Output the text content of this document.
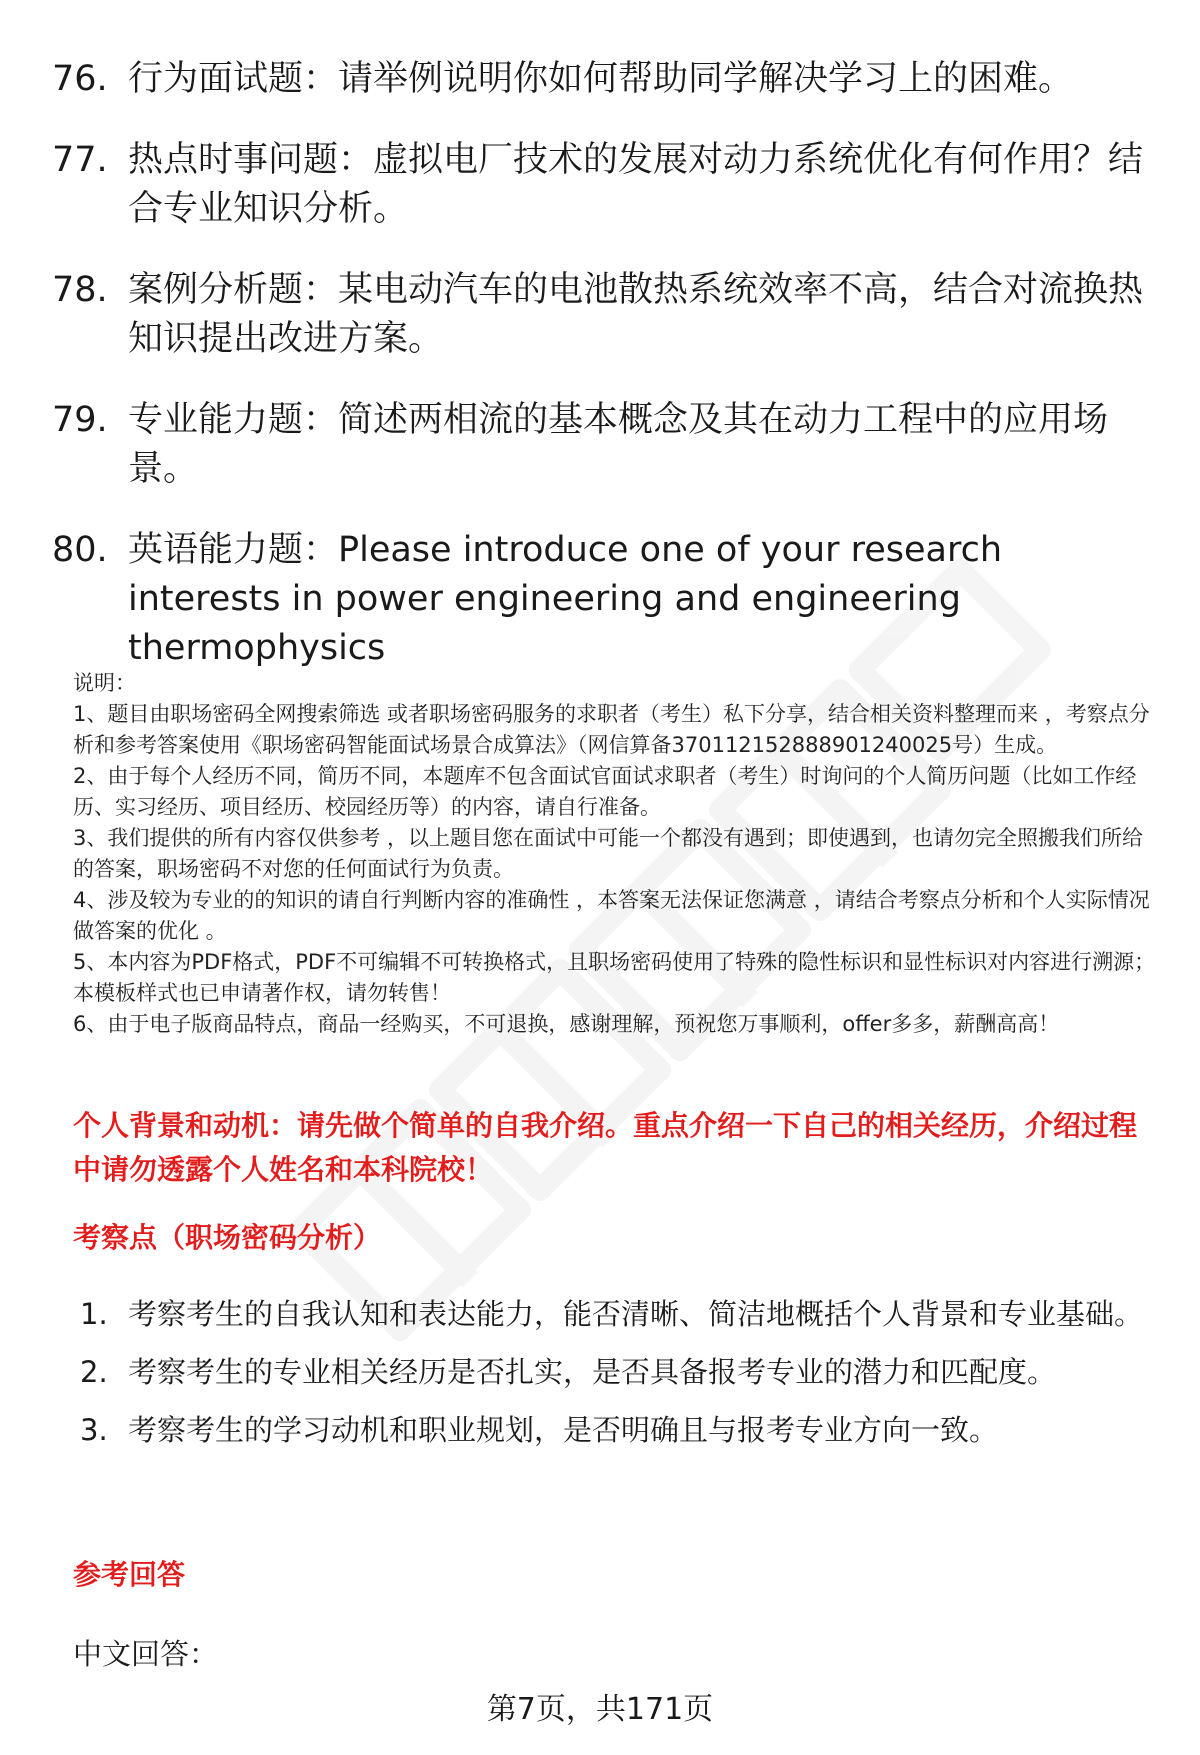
76. 行为面试题：请举例说明你如何帮助同学解决学习上的困难。
77. 热点时事问题：虚拟电厂技术的发展对动力系统优化有何作用？结合专业知识分析。
78. 案例分析题：某电动汽车的电池散热系统效率不高，结合对流换热知识提出改进方案。
79. 专业能力题：简述两相流的基本概念及其在动力工程中的应用场景。
80. 英语能力题：Please introduce one of your research interests in power engineering and engineering thermophysics

说明：

1、题目由职场密码全网搜索筛选 或者职场密码服务的求职者（考生）私下分享，结合相关资料整理而来 ，考察点分析和参考答案使用《职场密码智能面试场景合成算法》（网信算备370112152888901240025号）生成。

2、由于每个人经历不同，简历不同，本题库不包含面试官面试求职者（考生）时询问的个人简历问题（比如工作经历、实习经历、项目经历、校园经历等）的内容，请自行准备。

3、我们提供的所有内容仅供参考 ，以上题目您在面试中可能一个都没有遇到；即使遇到，也请勿完全照搬我们所给的答案，职场密码不对您的任何面试行为负责。

4、涉及较为专业的的知识的请自行判断内容的准确性 ，本答案无法保证您满意 ，请结合考察点分析和个人实际情况做答案的优化 。

5、本内容为PDF格式，PDF不可编辑不可转换格式，且职场密码使用了特殊的隐性标识和显性标识对内容进行溯源；本模板样式也已申请著作权，请勿转售！

6、由于电子版商品特点，商品一经购买，不可退换，感谢理解，预祝您万事顺利，offer多多，薪酬高高！

个人背景和动机：请先做个简单的自我介绍。重点介绍一下自己的相关经历，介绍过程中请勿透露个人姓名和本科院校！
考察点（职场密码分析）
1. 考察考生的自我认知和表达能力，能否清晰、简洁地概括个人背景和专业基础。
2. 考察考生的专业相关经历是否扎实，是否具备报考专业的潜力和匹配度。
3. 考察考生的学习动机和职业规划，是否明确且与报考专业方向一致。
参考回答
中文回答：
第7页，共171页
